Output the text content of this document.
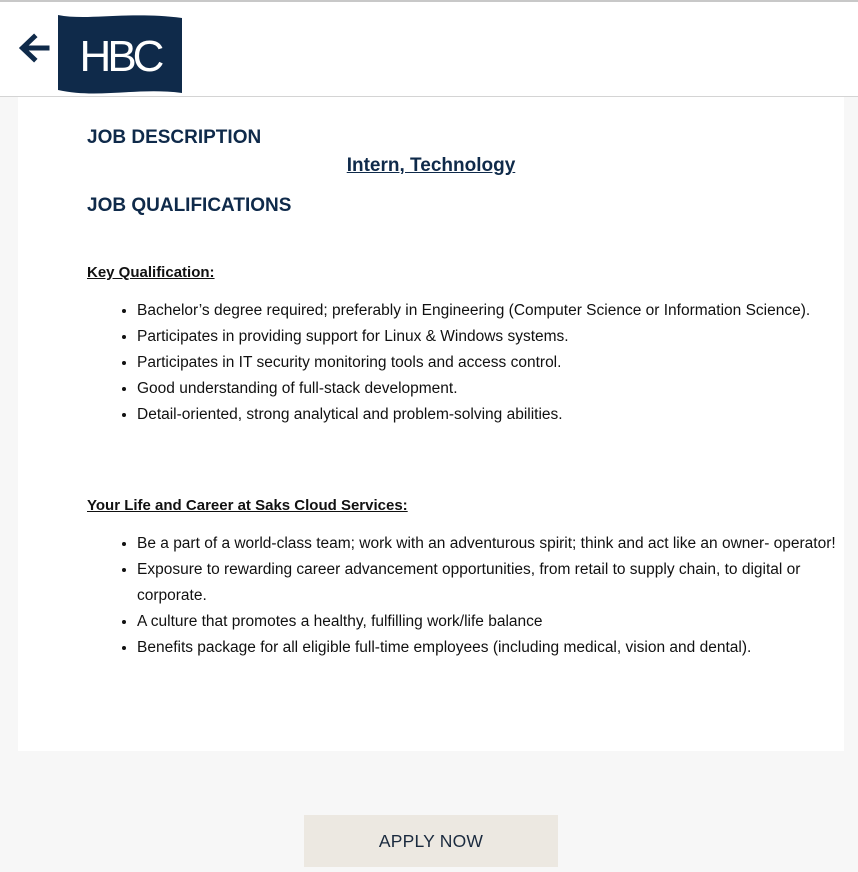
HBC
JOB DESCRIPTION
Intern, Technology
JOB QUALIFICATIONS
Key Qualification:
• Bachelor’s degree required; preferably in Engineering (Computer Science or Information Science).
• Participates in providing support for Linux & Windows systems.
• Participates in IT security monitoring tools and access control.
• Good understanding of full-stack development.
• Detail-oriented, strong analytical and problem-solving abilities.
Your Life and Career at Saks Cloud Services:
• Be a part of a world-class team; work with an adventurous spirit; think and act like an owner- operator!
• Exposure to rewarding career advancement opportunities, from retail to supply chain, to digital or corporate.
• A culture that promotes a healthy, fulfilling work/life balance
• Benefits package for all eligible full-time employees (including medical, vision and dental).
APPLY NOW
